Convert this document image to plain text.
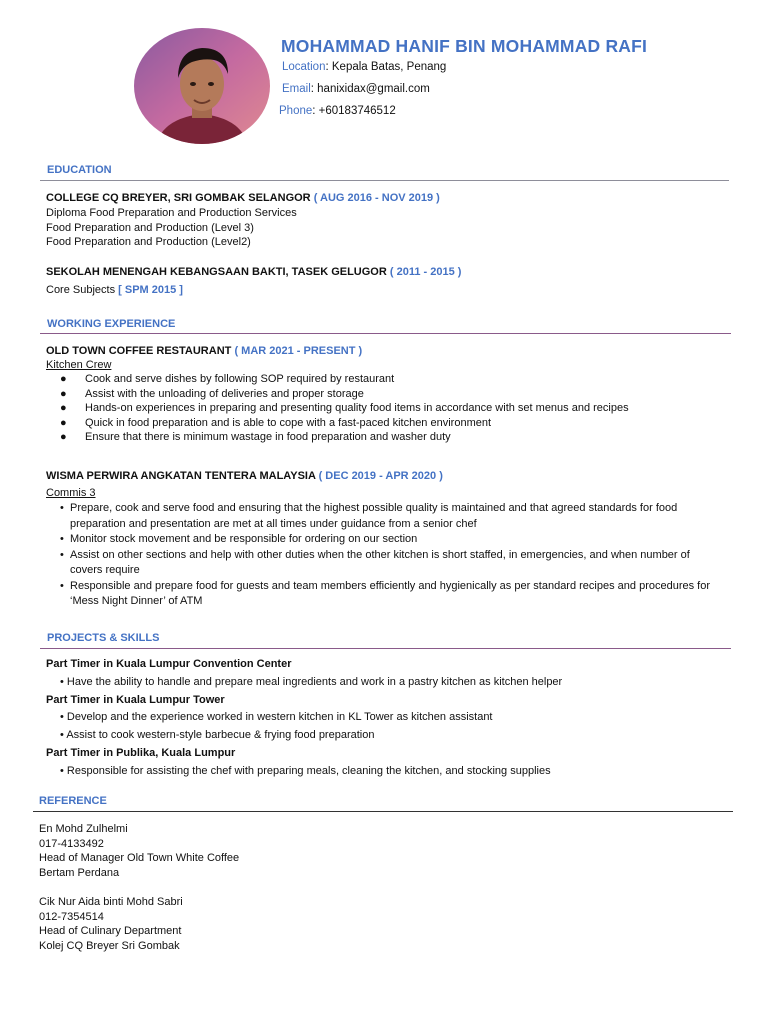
MOHAMMAD HANIF BIN MOHAMMAD RAFI
Location: Kepala Batas, Penang
Email: hanixidax@gmail.com
Phone: +60183746512
EDUCATION
COLLEGE CQ BREYER, SRI GOMBAK SELANGOR ( AUG 2016 - NOV 2019 )
Diploma Food Preparation and Production Services
Food Preparation and Production (Level 3)
Food Preparation and Production (Level2)
SEKOLAH MENENGAH KEBANGSAAN BAKTI, TASEK GELUGOR ( 2011 - 2015 )
Core Subjects [ SPM 2015 ]
WORKING EXPERIENCE
OLD TOWN COFFEE RESTAURANT ( MAR 2021 - PRESENT )
Kitchen Crew
● Cook and serve dishes by following SOP required by restaurant
● Assist with the unloading of deliveries and proper storage
● Hands-on experiences in preparing and presenting quality food items in accordance with set menus and recipes
● Quick in food preparation and is able to cope with a fast-paced kitchen environment
● Ensure that there is minimum wastage in food preparation and washer duty
WISMA PERWIRA ANGKATAN TENTERA MALAYSIA ( DEC 2019 - APR 2020 )
Commis 3
• Prepare, cook and serve food and ensuring that the highest possible quality is maintained and that agreed standards for food preparation and presentation are met at all times under guidance from a senior chef
• Monitor stock movement and be responsible for ordering on our section
• Assist on other sections and help with other duties when the other kitchen is short staffed, in emergencies, and when number of covers require
• Responsible and prepare food for guests and team members efficiently and hygienically as per standard recipes and procedures for ‘Mess Night Dinner’ of ATM
PROJECTS & SKILLS
Part Timer in Kuala Lumpur Convention Center
• Have the ability to handle and prepare meal ingredients and work in a pastry kitchen as kitchen helper
Part Timer in Kuala Lumpur Tower
• Develop and the experience worked in western kitchen in KL Tower as kitchen assistant
• Assist to cook western-style barbecue & frying food preparation
Part Timer in Publika, Kuala Lumpur
• Responsible for assisting the chef with preparing meals, cleaning the kitchen, and stocking supplies
REFERENCE
En Mohd Zulhelmi
017-4133492
Head of Manager Old Town White Coffee
Bertam Perdana
Cik Nur Aida binti Mohd Sabri
012-7354514
Head of Culinary Department
Kolej CQ Breyer Sri Gombak
